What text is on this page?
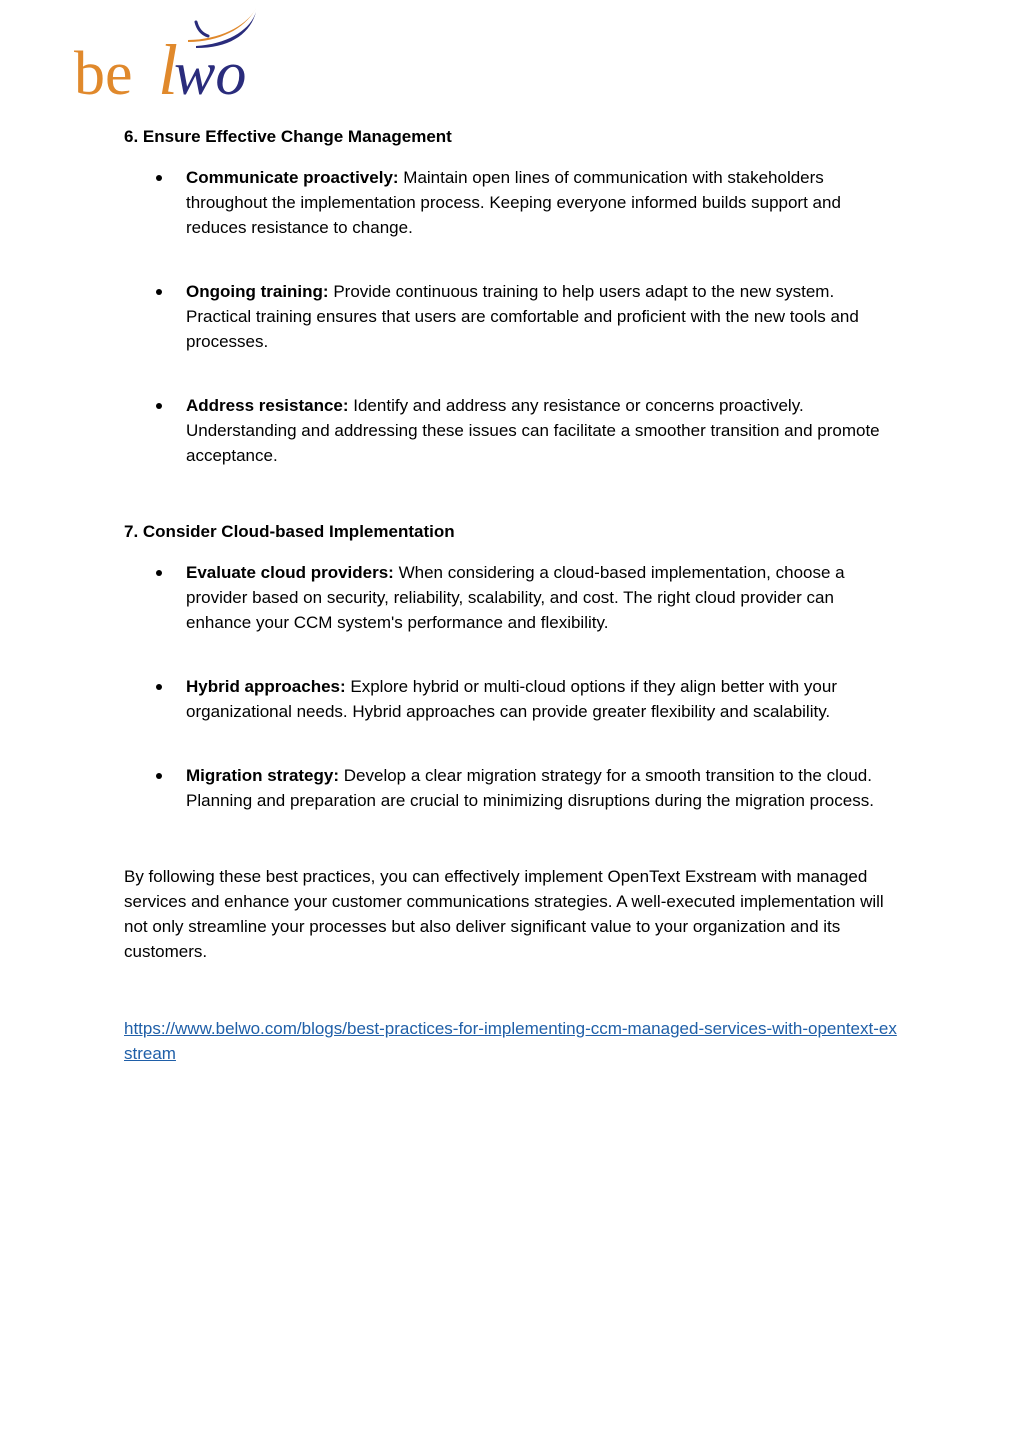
be l
wo

6. Ensure Effective Change Management

Communicate proactively: Maintain open lines of communication with stakeholders throughout the implementation process. Keeping everyone informed builds support and reduces resistance to change.
Ongoing training: Provide continuous training to help users adapt to the new system. Practical training ensures that users are comfortable and proficient with the new tools and processes.
Address resistance: Identify and address any resistance or concerns proactively. Understanding and addressing these issues can facilitate a smoother transition and promote acceptance.

7. Consider Cloud-based Implementation

Evaluate cloud providers: When considering a cloud-based implementation, choose a provider based on security, reliability, scalability, and cost. The right cloud provider can enhance your CCM system's performance and flexibility.
Hybrid approaches: Explore hybrid or multi-cloud options if they align better with your organizational needs. Hybrid approaches can provide greater flexibility and scalability.
Migration strategy: Develop a clear migration strategy for a smooth transition to the cloud. Planning and preparation are crucial to minimizing disruptions during the migration process.

By following these best practices, you can effectively implement OpenText Exstream with managed services and enhance your customer communications strategies. A well-executed implementation will not only streamline your processes but also deliver significant value to your organization and its customers.

https://www.belwo.com/blogs/best-practices-for-implementing-ccm-managed-services-with-opentext-exstream
